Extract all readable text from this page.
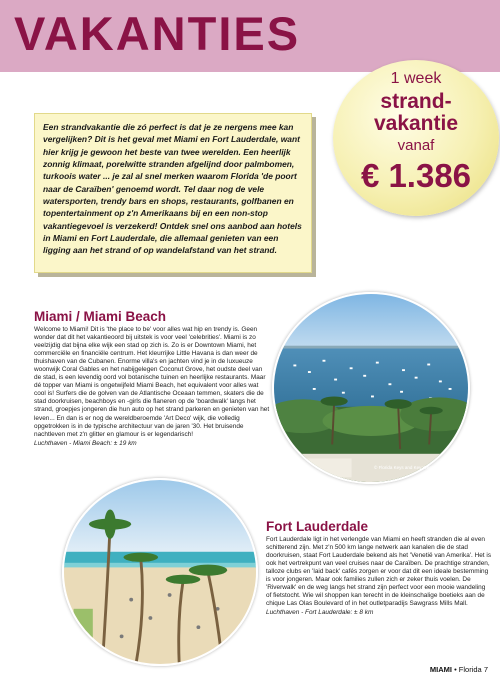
VAKANTIES
1 week
strand-
vakantie
vanaf
€ 1.386

Een strandvakantie die zó perfect is dat je ze nergens mee kan vergelijken? Dit is het geval met Miami en Fort Lauderdale, want hier krijg je gewoon het beste van twee werelden. Een heerlijk zonnig klimaat, porelwitte stranden afgelijnd door palmbomen, turkoois water ... je zal al snel merken waarom Florida 'de poort naar de Caraïben' genoemd wordt. Tel daar nog de vele watersporten, trendy bars en shops, restaurants, golfbanen en topentertainment op z'n Amerikaans bij en een non-stop vakantiegevoel is verzekerd! Ontdek snel ons aanbod aan hotels in Miami en Fort Lauderdale, die allemaal genieten van een ligging aan het strand of op wandelafstand van het strand.

Miami / Miami Beach
Welcome to Miami! Dit is 'the place to be' voor alles wat hip en trendy is. Geen wonder dat dit het vakantieoord bij uitstek is voor veel 'celebrities'. Miami is zo veelzijdig dat bijna elke wijk een stad op zich is. Zo is er Downtown Miami, het commerciële en financiële centrum. Het kleurrijke Little Havana is dan weer de thuishaven van de Cubanen. Enorme villa's en jachten vind je in de luxueuze woonwijk Coral Gables en het nabijgelegen Coconut Grove, het oudste deel van de stad, is een levendig oord vol botanische tuinen en heerlijke restaurants. Maar dé topper van Miami is ongetwijfeld Miami Beach, het equivalent voor alles wat cool is! Surfers die de golven van de Atlantische Oceaan temmen, skaters die de stad doorkruisen, beachboys en -girls die flaneren op de 'boardwalk' langs het strand, groepjes jongeren die hun auto op het strand parkeren en genieten van het leven... En dan is er nog de wereldberoemde 'Art Deco' wijk, die volledig opgetrokken is in de typische architectuur van de jaren '30. Het bruisende nachtleven met z'n glitter en glamour is er legendarisch!
Luchthaven - Miami Beach: ± 19 km
© Florida Keys and Key West
Fort Lauderdale
Fort Lauderdale ligt in het verlengde van Miami en heeft stranden die al even schitterend zijn. Met z'n 500 km lange netwerk aan kanalen die de stad doorkruisen, staat Fort Lauderdale bekend als het 'Venetië van Amerika'. Het is ook het vertrekpunt van veel cruises naar de Caraïben. De prachtige stranden, talloze clubs en 'laid back' cafés zorgen er voor dat dit een ideale bestemming is voor jongeren. Maar ook families zullen zich er zeker thuis voelen. De 'Riverwalk' en de weg langs het strand zijn perfect voor een mooie wandeling of fietstocht. Wie wil shoppen kan terecht in de kleinschalige boetieks aan de chique Las Olas Boulevard of in het outletparadijs Sawgrass Mills Mall.
Luchthaven - Fort Lauderdale: ± 8 km
MIAMI • Florida 7
